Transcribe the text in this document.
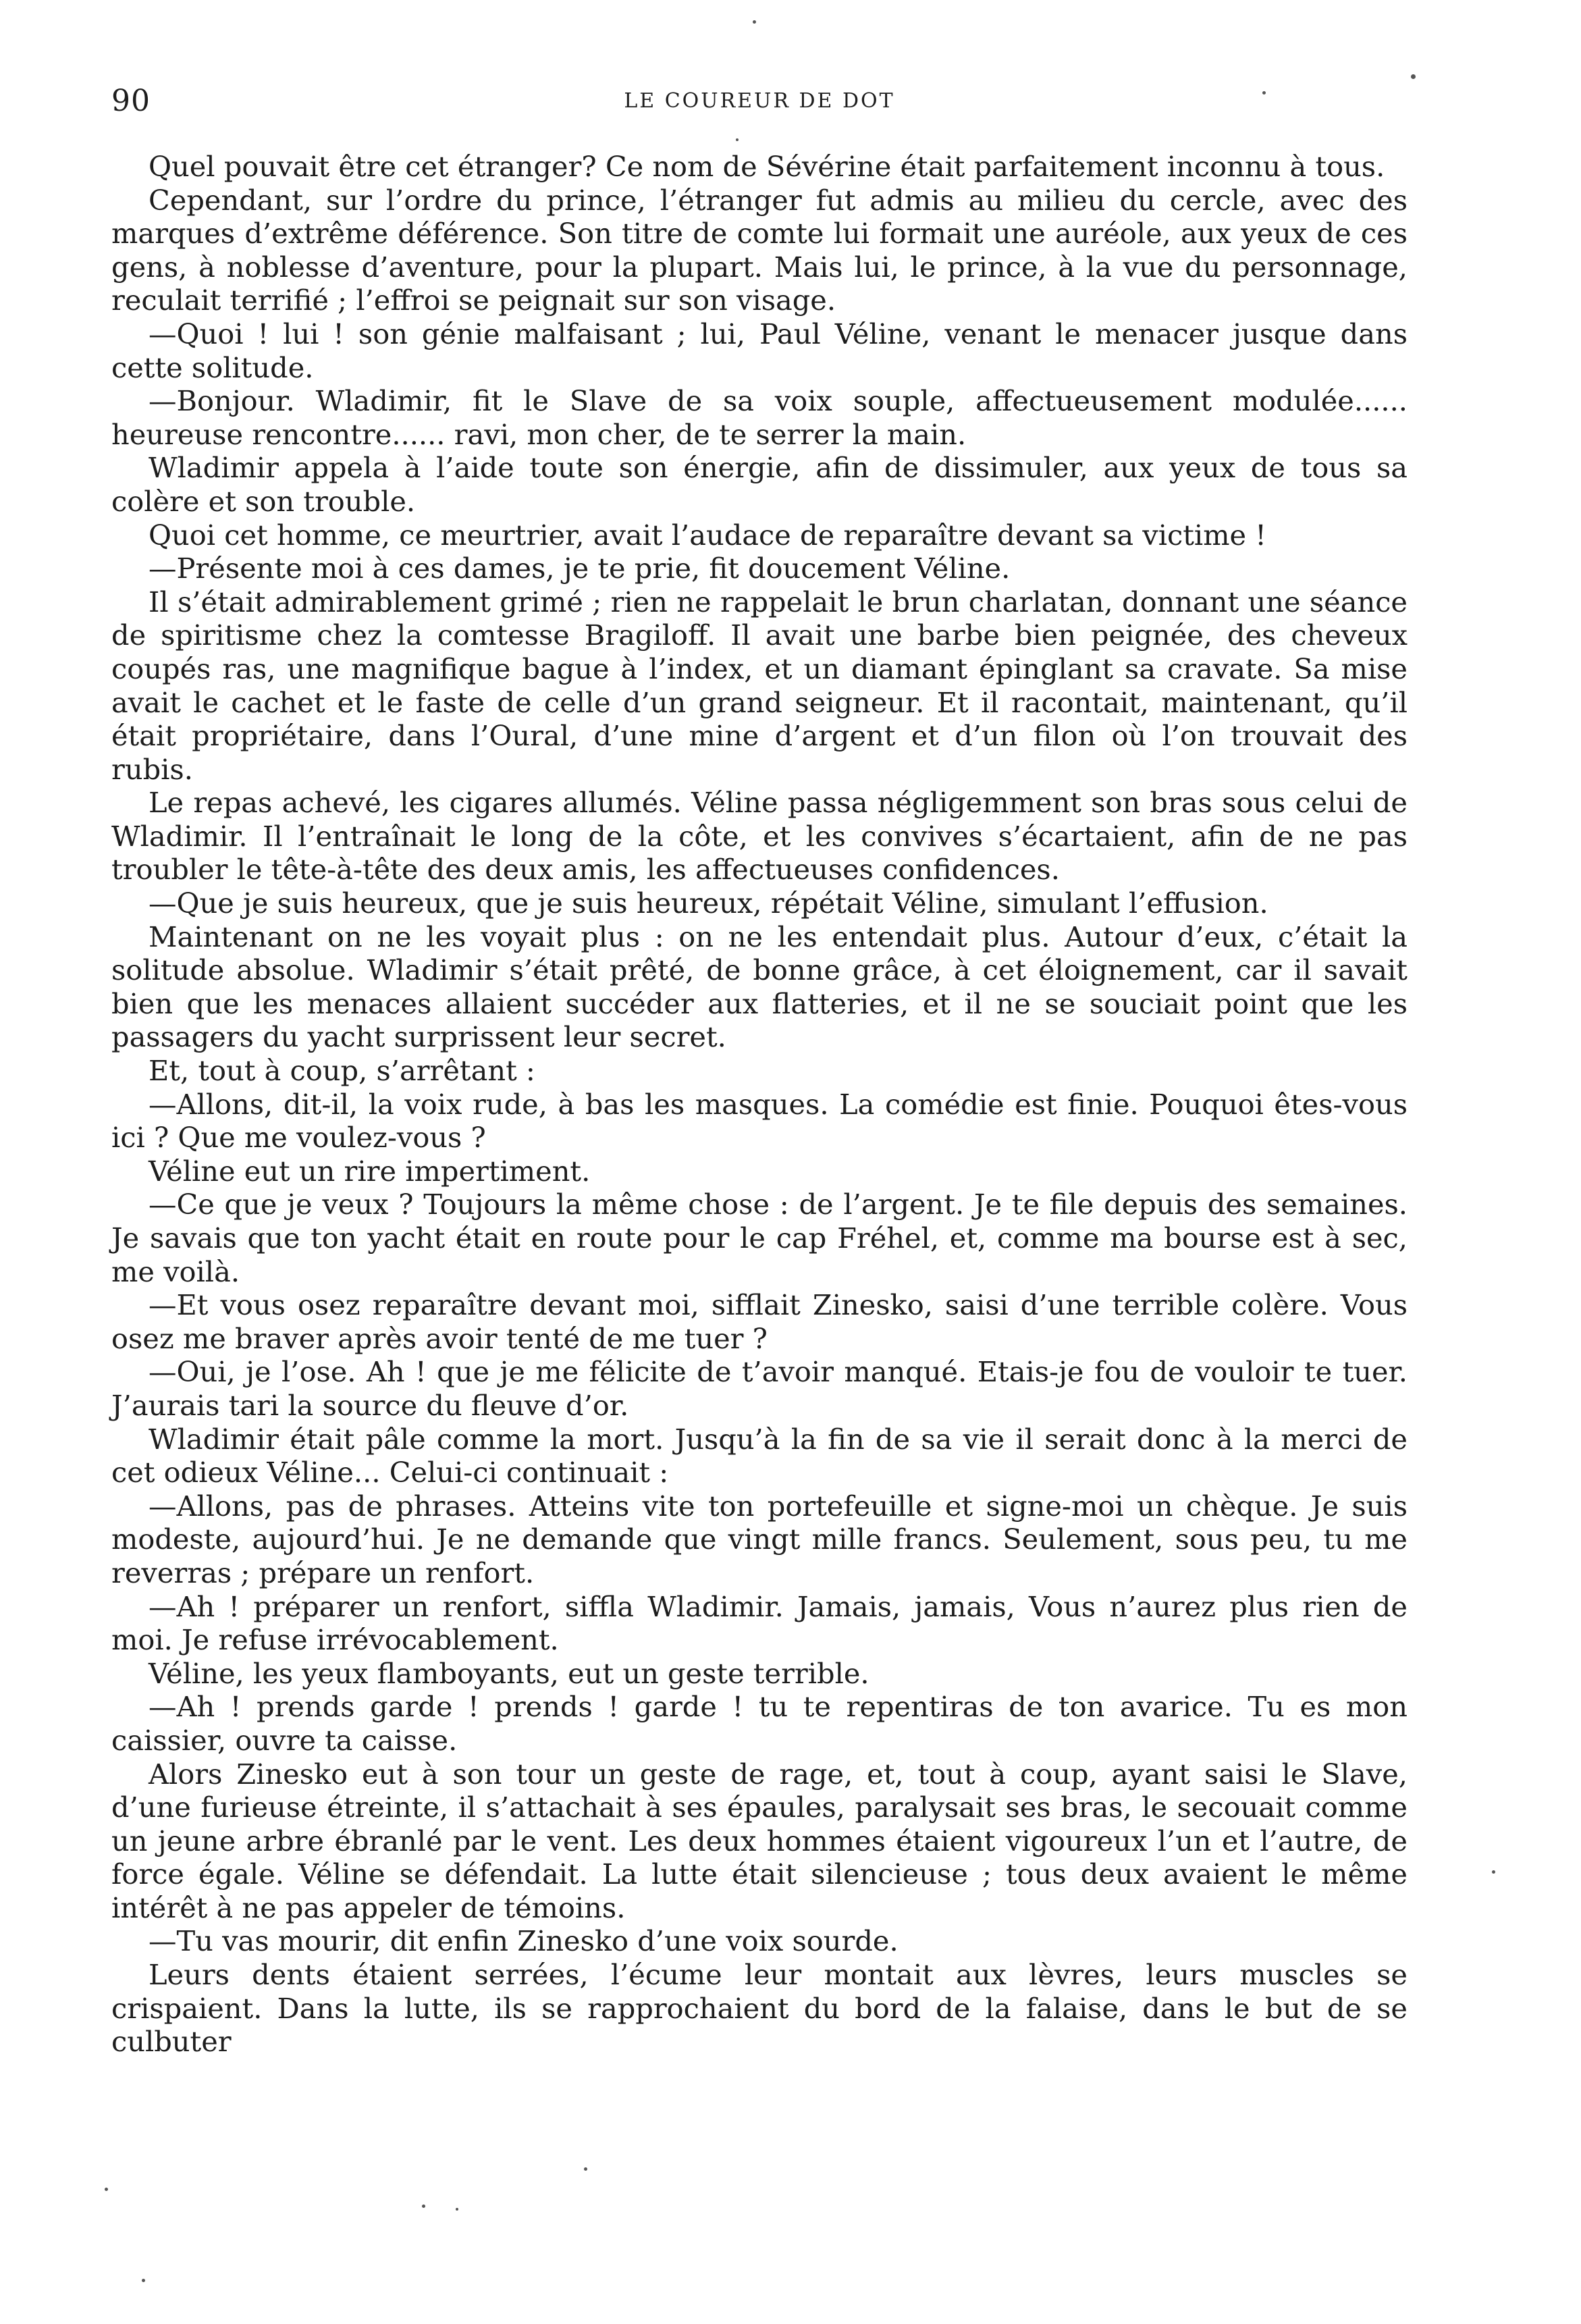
90	LE COUREUR DE DOT

Quel pouvait être cet étranger? Ce nom de Sévérine était parfaitement inconnu à tous.

Cependant, sur l’ordre du prince, l’étranger fut admis au milieu du cercle, avec des marques d’extrême déférence. Son titre de comte lui formait une auréole, aux yeux de ces gens, à noblesse d’aventure, pour la plupart. Mais lui, le prince, à la vue du personnage, reculait terrifié ; l’effroi se peignait sur son visage.

—Quoi ! lui ! son génie malfaisant ; lui, Paul Véline, venant le menacer jusque dans cette solitude.

—Bonjour. Wladimir, fit le Slave de sa voix souple, affectueusement modulée...... heureuse rencontre...... ravi, mon cher, de te serrer la main.

Wladimir appela à l’aide toute son énergie, afin de dissimuler, aux yeux de tous sa colère et son trouble.

Quoi cet homme, ce meurtrier, avait l’audace de reparaître devant sa victime !

—Présente moi à ces dames, je te prie, fit doucement Véline.

Il s’était admirablement grimé ; rien ne rappelait le brun charlatan, donnant une séance de spiritisme chez la comtesse Bragiloff. Il avait une barbe bien peignée, des cheveux coupés ras, une magnifique bague à l’index, et un diamant épinglant sa cravate. Sa mise avait le cachet et le faste de celle d’un grand seigneur. Et il racontait, maintenant, qu’il était propriétaire, dans l’Oural, d’une mine d’argent et d’un filon où l’on trouvait des rubis.

Le repas achevé, les cigares allumés. Véline passa négligemment son bras sous celui de Wladimir. Il l’entraînait le long de la côte, et les convives s’écartaient, afin de ne pas troubler le tête-à-tête des deux amis, les affectueuses confidences.

—Que je suis heureux, que je suis heureux, répétait Véline, simulant l’effusion.

Maintenant on ne les voyait plus : on ne les entendait plus. Autour d’eux, c’était la solitude absolue. Wladimir s’était prêté, de bonne grâce, à cet éloignement, car il savait bien que les menaces allaient succéder aux flatteries, et il ne se souciait point que les passagers du yacht surprissent leur secret.

Et, tout à coup, s’arrêtant :

—Allons, dit-il, la voix rude, à bas les masques. La comédie est finie. Pouquoi êtes-vous ici ? Que me voulez-vous ?

Véline eut un rire impertiment.

—Ce que je veux ? Toujours la même chose : de l’argent. Je te file depuis des semaines. Je savais que ton yacht était en route pour le cap Fréhel, et, comme ma bourse est à sec, me voilà.

—Et vous osez reparaître devant moi, sifflait Zinesko, saisi d’une terrible colère. Vous osez me braver après avoir tenté de me tuer ?

—Oui, je l’ose. Ah ! que je me félicite de t’avoir manqué. Etais-je fou de vouloir te tuer. J’aurais tari la source du fleuve d’or.

Wladimir était pâle comme la mort. Jusqu’à la fin de sa vie il serait donc à la merci de cet odieux Véline... Celui-ci continuait :

—Allons, pas de phrases. Atteins vite ton portefeuille et signe-moi un chèque. Je suis modeste, aujourd’hui. Je ne demande que vingt mille francs. Seulement, sous peu, tu me reverras ; prépare un renfort.

—Ah ! préparer un renfort, siffla Wladimir. Jamais, jamais, Vous n’aurez plus rien de moi. Je refuse irrévocablement.

Véline, les yeux flamboyants, eut un geste terrible.

—Ah ! prends garde ! prends ! garde ! tu te repentiras de ton avarice. Tu es mon caissier, ouvre ta caisse.

Alors Zinesko eut à son tour un geste de rage, et, tout à coup, ayant saisi le Slave, d’une furieuse étreinte, il s’attachait à ses épaules, paralysait ses bras, le secouait comme un jeune arbre ébranlé par le vent. Les deux hommes étaient vigoureux l’un et l’autre, de force égale. Véline se défendait. La lutte était silencieuse ; tous deux avaient le même intérêt à ne pas appeler de témoins.

—Tu vas mourir, dit enfin Zinesko d’une voix sourde.

Leurs dents étaient serrées, l’écume leur montait aux lèvres, leurs muscles se crispaient. Dans la lutte, ils se rapprochaient du bord de la falaise, dans le but de se culbuter
